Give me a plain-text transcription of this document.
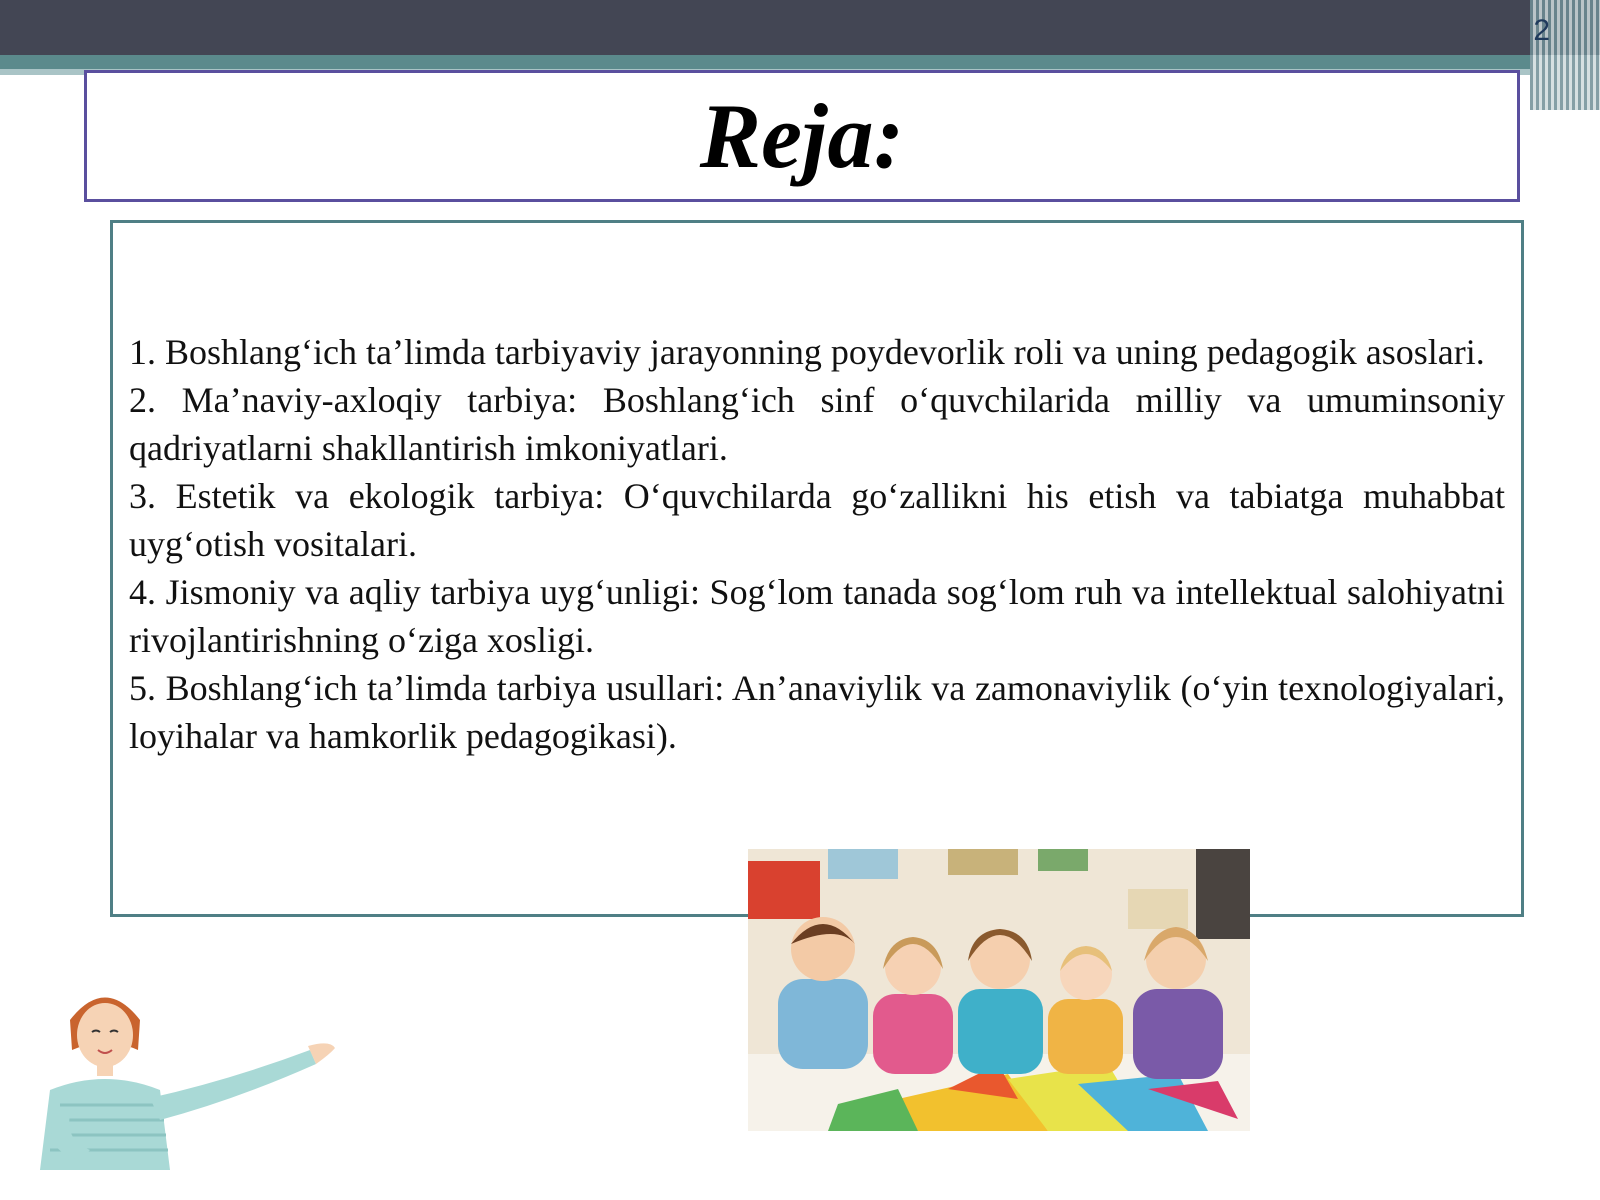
2
Reja:
1. Boshlang‘ich ta’limda tarbiyaviy jarayonning poydevorlik roli va uning pedagogik asoslari.
2. Ma’naviy-axloqiy tarbiya: Boshlang‘ich sinf o‘quvchilarida milliy va umuminsoniy qadriyatlarni shakllantirish imkoniyatlari.
3. Estetik va ekologik tarbiya: O‘quvchilarda go‘zallikni his etish va tabiatga muhabbat uyg‘otish vositalari.
4. Jismoniy va aqliy tarbiya uyg‘unligi: Sog‘lom tanada sog‘lom ruh va intellektual salohiyatni rivojlantirishning o‘ziga xosligi.
5. Boshlang‘ich ta’limda tarbiya usullari: An’anaviylik va zamonaviylik (o‘yin texnologiyalari, loyihalar va hamkorlik pedagogikasi).
